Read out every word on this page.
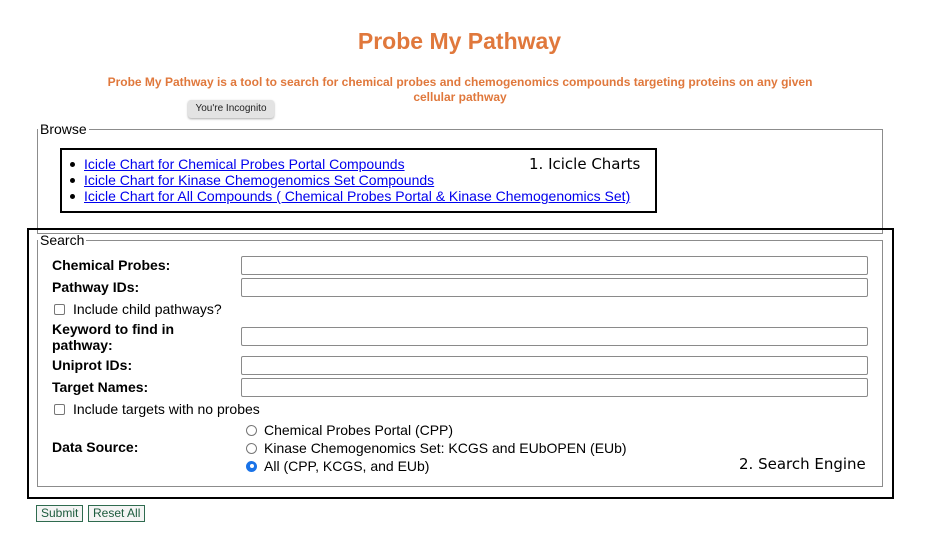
Probe My Pathway
Probe My Pathway is a tool to search for chemical probes and chemogenomics compounds targeting proteins on any given cellular pathway
You're Incognito
Browse
Icicle Chart for Chemical Probes Portal Compounds
Icicle Chart for Kinase Chemogenomics Set Compounds
Icicle Chart for All Compounds ( Chemical Probes Portal & Kinase Chemogenomics Set)
Search
Chemical Probes:
Pathway IDs:
Include child pathways?
Keyword to find in
pathway:
Uniprot IDs:
Target Names:
Include targets with no probes
Data Source:
Chemical Probes Portal (CPP)
Kinase Chemogenomics Set: KCGS and EUbOPEN (EUb)
All (CPP, KCGS, and EUb)
1. Icicle Charts
2. Search Engine
Submit	Reset All
